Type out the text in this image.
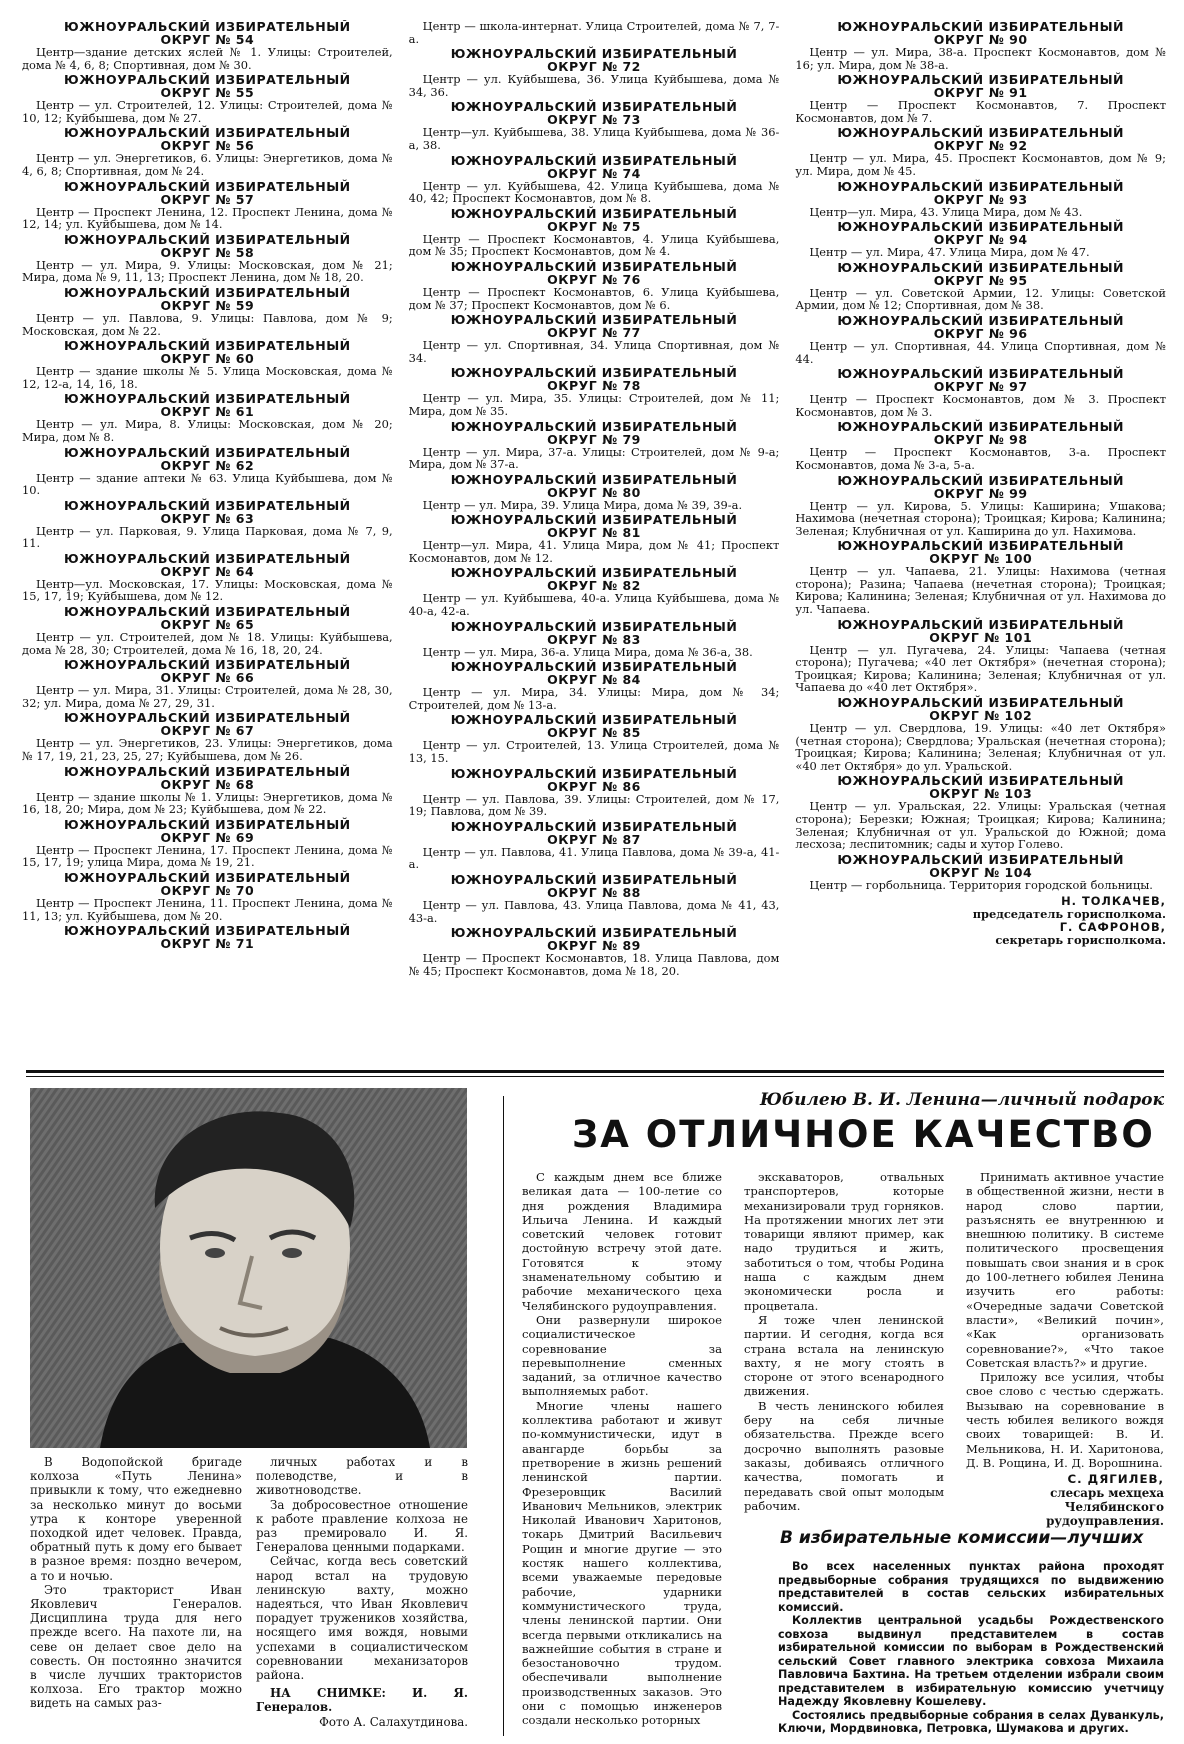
ЮЖНОУРАЛЬСКИЙ ИЗБИРАТЕЛЬНЫЙ
ОКРУГ № 54
Центр—здание детских яслей № 1. Улицы: Строителей, дома № 4, 6, 8; Спортивная, дом № 30.
ЮЖНОУРАЛЬСКИЙ ИЗБИРАТЕЛЬНЫЙ
ОКРУГ № 55
Центр — ул. Строителей, 12. Улицы: Строителей, дома № 10, 12; Куйбышева, дом № 27.
ЮЖНОУРАЛЬСКИЙ ИЗБИРАТЕЛЬНЫЙ
ОКРУГ № 56
Центр — ул. Энергетиков, 6. Улицы: Энергетиков, дома № 4, 6, 8; Спортивная, дом № 24.
ЮЖНОУРАЛЬСКИЙ ИЗБИРАТЕЛЬНЫЙ
ОКРУГ № 57
Центр — Проспект Ленина, 12. Проспект Ленина, дома № 12, 14; ул. Куйбышева, дом № 14.
ЮЖНОУРАЛЬСКИЙ ИЗБИРАТЕЛЬНЫЙ
ОКРУГ № 58
Центр — ул. Мира, 9. Улицы: Московская, дом № 21; Мира, дома № 9, 11, 13; Проспект Ленина, дом № 18, 20.
ЮЖНОУРАЛЬСКИЙ ИЗБИРАТЕЛЬНЫЙ
ОКРУГ № 59
Центр — ул. Павлова, 9. Улицы: Павлова, дом № 9; Московская, дом № 22.
ЮЖНОУРАЛЬСКИЙ ИЗБИРАТЕЛЬНЫЙ
ОКРУГ № 60
Центр — здание школы № 5. Улица Московская, дома № 12, 12-а, 14, 16, 18.
ЮЖНОУРАЛЬСКИЙ ИЗБИРАТЕЛЬНЫЙ
ОКРУГ № 61
Центр — ул. Мира, 8. Улицы: Московская, дом № 20; Мира, дом № 8.
ЮЖНОУРАЛЬСКИЙ ИЗБИРАТЕЛЬНЫЙ
ОКРУГ № 62
Центр — здание аптеки № 63. Улица Куйбышева, дом № 10.
ЮЖНОУРАЛЬСКИЙ ИЗБИРАТЕЛЬНЫЙ
ОКРУГ № 63
Центр — ул. Парковая, 9. Улица Парковая, дома № 7, 9, 11.
ЮЖНОУРАЛЬСКИЙ ИЗБИРАТЕЛЬНЫЙ
ОКРУГ № 64
Центр—ул. Московская, 17. Улицы: Московская, дома № 15, 17, 19; Куйбышева, дом № 12.
ЮЖНОУРАЛЬСКИЙ ИЗБИРАТЕЛЬНЫЙ
ОКРУГ № 65
Центр — ул. Строителей, дом № 18. Улицы: Куйбышева, дома № 28, 30; Строителей, дома № 16, 18, 20, 24.
ЮЖНОУРАЛЬСКИЙ ИЗБИРАТЕЛЬНЫЙ
ОКРУГ № 66
Центр — ул. Мира, 31. Улицы: Строителей, дома № 28, 30, 32; ул. Мира, дома № 27, 29, 31.
ЮЖНОУРАЛЬСКИЙ ИЗБИРАТЕЛЬНЫЙ
ОКРУГ № 67
Центр — ул. Энергетиков, 23. Улицы: Энергетиков, дома № 17, 19, 21, 23, 25, 27; Куйбышева, дом № 26.
ЮЖНОУРАЛЬСКИЙ ИЗБИРАТЕЛЬНЫЙ
ОКРУГ № 68
Центр — здание школы № 1. Улицы: Энергетиков, дома № 16, 18, 20; Мира, дом № 23; Куйбышева, дом № 22.
ЮЖНОУРАЛЬСКИЙ ИЗБИРАТЕЛЬНЫЙ
ОКРУГ № 69
Центр — Проспект Ленина, 17. Проспект Ленина, дома № 15, 17, 19; улица Мира, дома № 19, 21.
ЮЖНОУРАЛЬСКИЙ ИЗБИРАТЕЛЬНЫЙ
ОКРУГ № 70
Центр — Проспект Ленина, 11. Проспект Ленина, дома № 11, 13; ул. Куйбышева, дом № 20.
ЮЖНОУРАЛЬСКИЙ ИЗБИРАТЕЛЬНЫЙ
ОКРУГ № 71
Центр — школа-интернат. Улица Строителей, дома № 7, 7-а.
ЮЖНОУРАЛЬСКИЙ ИЗБИРАТЕЛЬНЫЙ
ОКРУГ № 72
Центр — ул. Куйбышева, 36. Улица Куйбышева, дома № 34, 36.
ЮЖНОУРАЛЬСКИЙ ИЗБИРАТЕЛЬНЫЙ
ОКРУГ № 73
Центр—ул. Куйбышева, 38. Улица Куйбышева, дома № 36-а, 38.
ЮЖНОУРАЛЬСКИЙ ИЗБИРАТЕЛЬНЫЙ
ОКРУГ № 74
Центр — ул. Куйбышева, 42. Улица Куйбышева, дома № 40, 42; Проспект Космонавтов, дом № 8.
ЮЖНОУРАЛЬСКИЙ ИЗБИРАТЕЛЬНЫЙ
ОКРУГ № 75
Центр — Проспект Космонавтов, 4. Улица Куйбышева, дом № 35; Проспект Космонавтов, дом № 4.
ЮЖНОУРАЛЬСКИЙ ИЗБИРАТЕЛЬНЫЙ
ОКРУГ № 76
Центр — Проспект Космонавтов, 6. Улица Куйбышева, дом № 37; Проспект Космонавтов, дом № 6.
ЮЖНОУРАЛЬСКИЙ ИЗБИРАТЕЛЬНЫЙ
ОКРУГ № 77
Центр — ул. Спортивная, 34. Улица Спортивная, дом № 34.
ЮЖНОУРАЛЬСКИЙ ИЗБИРАТЕЛЬНЫЙ
ОКРУГ № 78
Центр — ул. Мира, 35. Улицы: Строителей, дом № 11; Мира, дом № 35.
ЮЖНОУРАЛЬСКИЙ ИЗБИРАТЕЛЬНЫЙ
ОКРУГ № 79
Центр — ул. Мира, 37-а. Улицы: Строителей, дом № 9-а; Мира, дом № 37-а.
ЮЖНОУРАЛЬСКИЙ ИЗБИРАТЕЛЬНЫЙ
ОКРУГ № 80
Центр — ул. Мира, 39. Улица Мира, дома № 39, 39-а.
ЮЖНОУРАЛЬСКИЙ ИЗБИРАТЕЛЬНЫЙ
ОКРУГ № 81
Центр—ул. Мира, 41. Улица Мира, дом № 41; Проспект Космонавтов, дом № 12.
ЮЖНОУРАЛЬСКИЙ ИЗБИРАТЕЛЬНЫЙ
ОКРУГ № 82
Центр — ул. Куйбышева, 40-а. Улица Куйбышева, дома № 40-а, 42-а.
ЮЖНОУРАЛЬСКИЙ ИЗБИРАТЕЛЬНЫЙ
ОКРУГ № 83
Центр — ул. Мира, 36-а. Улица Мира, дома № 36-а, 38.
ЮЖНОУРАЛЬСКИЙ ИЗБИРАТЕЛЬНЫЙ
ОКРУГ № 84
Центр — ул. Мира, 34. Улицы: Мира, дом № 34; Строителей, дом № 13-а.
ЮЖНОУРАЛЬСКИЙ ИЗБИРАТЕЛЬНЫЙ
ОКРУГ № 85
Центр — ул. Строителей, 13. Улица Строителей, дома № 13, 15.
ЮЖНОУРАЛЬСКИЙ ИЗБИРАТЕЛЬНЫЙ
ОКРУГ № 86
Центр — ул. Павлова, 39. Улицы: Строителей, дом № 17, 19; Павлова, дом № 39.
ЮЖНОУРАЛЬСКИЙ ИЗБИРАТЕЛЬНЫЙ
ОКРУГ № 87
Центр — ул. Павлова, 41. Улица Павлова, дома № 39-а, 41-а.
ЮЖНОУРАЛЬСКИЙ ИЗБИРАТЕЛЬНЫЙ
ОКРУГ № 88
Центр — ул. Павлова, 43. Улица Павлова, дома № 41, 43, 43-а.
ЮЖНОУРАЛЬСКИЙ ИЗБИРАТЕЛЬНЫЙ
ОКРУГ № 89
Центр — Проспект Космонавтов, 18. Улица Павлова, дом № 45; Проспект Космонавтов, дома № 18, 20.
ЮЖНОУРАЛЬСКИЙ ИЗБИРАТЕЛЬНЫЙ
ОКРУГ № 90
Центр — ул. Мира, 38-а. Проспект Космонавтов, дом № 16; ул. Мира, дом № 38-а.
ЮЖНОУРАЛЬСКИЙ ИЗБИРАТЕЛЬНЫЙ
ОКРУГ № 91
Центр — Проспект Космонавтов, 7. Проспект Космонавтов, дом № 7.
ЮЖНОУРАЛЬСКИЙ ИЗБИРАТЕЛЬНЫЙ
ОКРУГ № 92
Центр — ул. Мира, 45. Проспект Космонавтов, дом № 9; ул. Мира, дом № 45.
ЮЖНОУРАЛЬСКИЙ ИЗБИРАТЕЛЬНЫЙ
ОКРУГ № 93
Центр—ул. Мира, 43. Улица Мира, дом № 43.
ЮЖНОУРАЛЬСКИЙ ИЗБИРАТЕЛЬНЫЙ
ОКРУГ № 94
Центр — ул. Мира, 47. Улица Мира, дом № 47.
ЮЖНОУРАЛЬСКИЙ ИЗБИРАТЕЛЬНЫЙ
ОКРУГ № 95
Центр — ул. Советской Армии, 12. Улицы: Советской Армии, дом № 12; Спортивная, дом № 38.
ЮЖНОУРАЛЬСКИЙ ИЗБИРАТЕЛЬНЫЙ
ОКРУГ № 96
Центр — ул. Спортивная, 44. Улица Спортивная, дом № 44.
ЮЖНОУРАЛЬСКИЙ ИЗБИРАТЕЛЬНЫЙ
ОКРУГ № 97
Центр — Проспект Космонавтов, дом № 3. Проспект Космонавтов, дом № 3.
ЮЖНОУРАЛЬСКИЙ ИЗБИРАТЕЛЬНЫЙ
ОКРУГ № 98
Центр — Проспект Космонавтов, 3-а. Проспект Космонавтов, дома № 3-а, 5-а.
ЮЖНОУРАЛЬСКИЙ ИЗБИРАТЕЛЬНЫЙ
ОКРУГ № 99
Центр — ул. Кирова, 5. Улицы: Каширина; Ушакова; Нахимова (нечетная сторона); Троицкая; Кирова; Калинина; Зеленая; Клубничная от ул. Каширина до ул. Нахимова.
ЮЖНОУРАЛЬСКИЙ ИЗБИРАТЕЛЬНЫЙ
ОКРУГ № 100
Центр — ул. Чапаева, 21. Улицы: Нахимова (четная сторона); Разина; Чапаева (нечетная сторона); Троицкая; Кирова; Калинина; Зеленая; Клубничная от ул. Нахимова до ул. Чапаева.
ЮЖНОУРАЛЬСКИЙ ИЗБИРАТЕЛЬНЫЙ
ОКРУГ № 101
Центр — ул. Пугачева, 24. Улицы: Чапаева (четная сторона); Пугачева; «40 лет Октября» (нечетная сторона); Троицкая; Кирова; Калинина; Зеленая; Клубничная от ул. Чапаева до «40 лет Октября».
ЮЖНОУРАЛЬСКИЙ ИЗБИРАТЕЛЬНЫЙ
ОКРУГ № 102
Центр — ул. Свердлова, 19. Улицы: «40 лет Октября» (четная сторона); Свердлова; Уральская (нечетная сторона); Троицкая; Кирова; Калинина; Зеленая; Клубничная от ул. «40 лет Октября» до ул. Уральской.
ЮЖНОУРАЛЬСКИЙ ИЗБИРАТЕЛЬНЫЙ
ОКРУГ № 103
Центр — ул. Уральская, 22. Улицы: Уральская (четная сторона); Березки; Южная; Троицкая; Кирова; Калинина; Зеленая; Клубничная от ул. Уральской до Южной; дома лесхоза; леспитомник; сады и хутор Голево.
ЮЖНОУРАЛЬСКИЙ ИЗБИРАТЕЛЬНЫЙ
ОКРУГ № 104
Центр — горбольница. Территория городской больницы.
Н. ТОЛКАЧЕВ,
председатель горисполкома.
Г. САФРОНОВ,
секретарь горисполкома.

В Водопойской бригаде колхоза «Путь Ленина» привыкли к тому, что ежедневно за несколько минут до восьми утра к конторе уверенной походкой идет человек. Правда, обратный путь к дому его бывает в разное время: поздно вечером, а то и ночью.

Это тракторист Иван Яковлевич Генералов. Дисциплина труда для него прежде всего. На пахоте ли, на севе он делает свое дело на совесть. Он постоянно значится в числе лучших трактористов колхоза. Его трактор можно видеть на самых раз-

личных работах и в полеводстве, и в животноводстве.

За добросовестное отношение к работе правление колхоза не раз премировало И. Я. Генералова ценными подарками.

Сейчас, когда весь советский народ встал на трудовую ленинскую вахту, можно надеяться, что Иван Яковлевич порадует тружеников хозяйства, носящего имя вождя, новыми успехами в социалистическом соревновании механизаторов района.

НА СНИМКЕ: И. Я. Генералов.

Фото А. Салахутдинова.

Юбилею В. И. Ленина—личный подарок
ЗА ОТЛИЧНОЕ КАЧЕСТВО

С каждым днем все ближе великая дата — 100-летие со дня рождения Владимира Ильича Ленина. И каждый советский человек готовит достойную встречу этой дате. Готовятся к этому знаменательному событию и рабочие механического цеха Челябинского рудоуправления.

Они развернули широкое социалистическое соревнование за перевыполнение сменных заданий, за отличное качество выполняемых работ.

Многие члены нашего коллектива работают и живут по-коммунистически, идут в авангарде борьбы за претворение в жизнь решений ленинской партии. Фрезеровщик Василий Иванович Мельников, электрик Николай Иванович Харитонов, токарь Дмитрий Васильевич Рощин и многие другие — это костяк нашего коллектива, всеми уважаемые передовые рабочие, ударники коммунистического труда, члены ленинской партии. Они всегда первыми откликались на важнейшие события в стране и безостановочно трудом. обеспечивали выполнение производственных заказов. Это они с помощью инженеров создали несколько роторных

экскаваторов, отвальных транспортеров, которые механизировали труд горняков. На протяжении многих лет эти товарищи являют пример, как надо трудиться и жить, заботиться о том, чтобы Родина наша с каждым днем экономически росла и процветала.

Я тоже член ленинской партии. И сегодня, когда вся страна встала на ленинскую вахту, я не могу стоять в стороне от этого всенародного движения.

В честь ленинского юбилея беру на себя личные обязательства. Прежде всего досрочно выполнять разовые заказы, добиваясь отличного качества, помогать и передавать свой опыт молодым рабочим.

Принимать активное участие в общественной жизни, нести в народ слово партии, разъяснять ее внутреннюю и внешнюю политику. В системе политического просвещения повышать свои знания и в срок до 100-летнего юбилея Ленина изучить его работы: «Очередные задачи Советской власти», «Великий почин», «Как организовать соревнование?», «Что такое Советская власть?» и другие.

Приложу все усилия, чтобы свое слово с честью сдержать. Вызываю на соревнование в честь юбилея великого вождя своих товарищей: В. И. Мельникова, Н. И. Харитонова, Д. В. Рощина, И. Д. Ворошнина.

С. ДЯГИЛЕВ,
слесарь мехцеха Челябинского рудоуправления.
В избирательные комиссии—лучших

Во всех населенных пунктах района проходят предвыборные собрания трудящихся по выдвижению представителей в состав сельских избирательных комиссий.

Коллектив центральной усадьбы Рождественского совхоза выдвинул представителем в состав избирательной комиссии по выборам в Рождественский сельский Совет главного электрика совхоза Михаила Павловича Бахтина. На третьем отделении избрали своим представителем в избирательную комиссию учетчицу Надежду Яковлевну Кошелеву.

Состоялись предвыборные собрания в селах Дуванкуль, Ключи, Мордвиновка, Петровка, Шумакова и других.
